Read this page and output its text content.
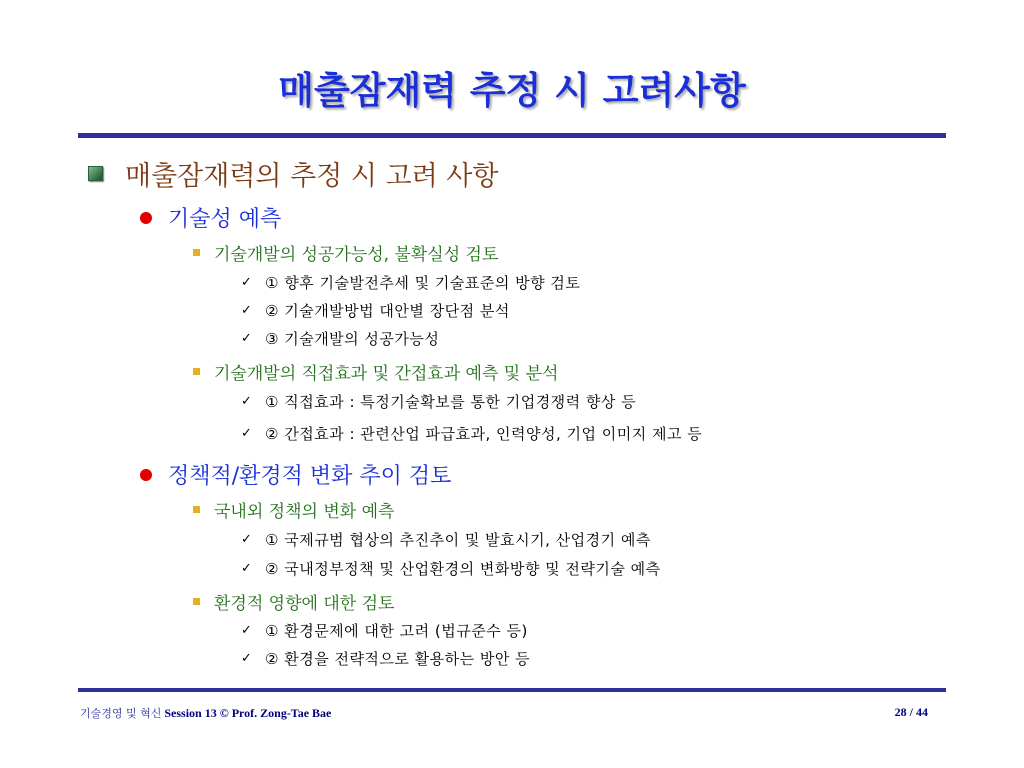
매출잠재력 추정 시 고려사항
매출잠재력의 추정 시 고려 사항
기술성 예측
기술개발의 성공가능성, 불확실성 검토
✓ ① 향후 기술발전추세 및 기술표준의 방향 검토
✓ ② 기술개발방법 대안별 장단점 분석
✓ ③ 기술개발의 성공가능성
기술개발의 직접효과 및 간접효과 예측 및 분석
✓ ① 직접효과 : 특정기술확보를 통한 기업경쟁력 향상 등
✓ ② 간접효과 : 관련산업 파급효과, 인력양성, 기업 이미지 제고 등
정책적/환경적 변화 추이 검토
국내외 정책의 변화 예측
✓ ① 국제규범 협상의 추진추이 및 발효시기, 산업경기 예측
✓ ② 국내정부정책 및 산업환경의 변화방향 및 전략기술 예측
환경적 영향에 대한 검토
✓ ① 환경문제에 대한 고려 (법규준수 등)
✓ ② 환경을 전략적으로 활용하는 방안 등
기술경영 및 혁신 Session 13 © Prof. Zong-Tae Bae	28 / 44
